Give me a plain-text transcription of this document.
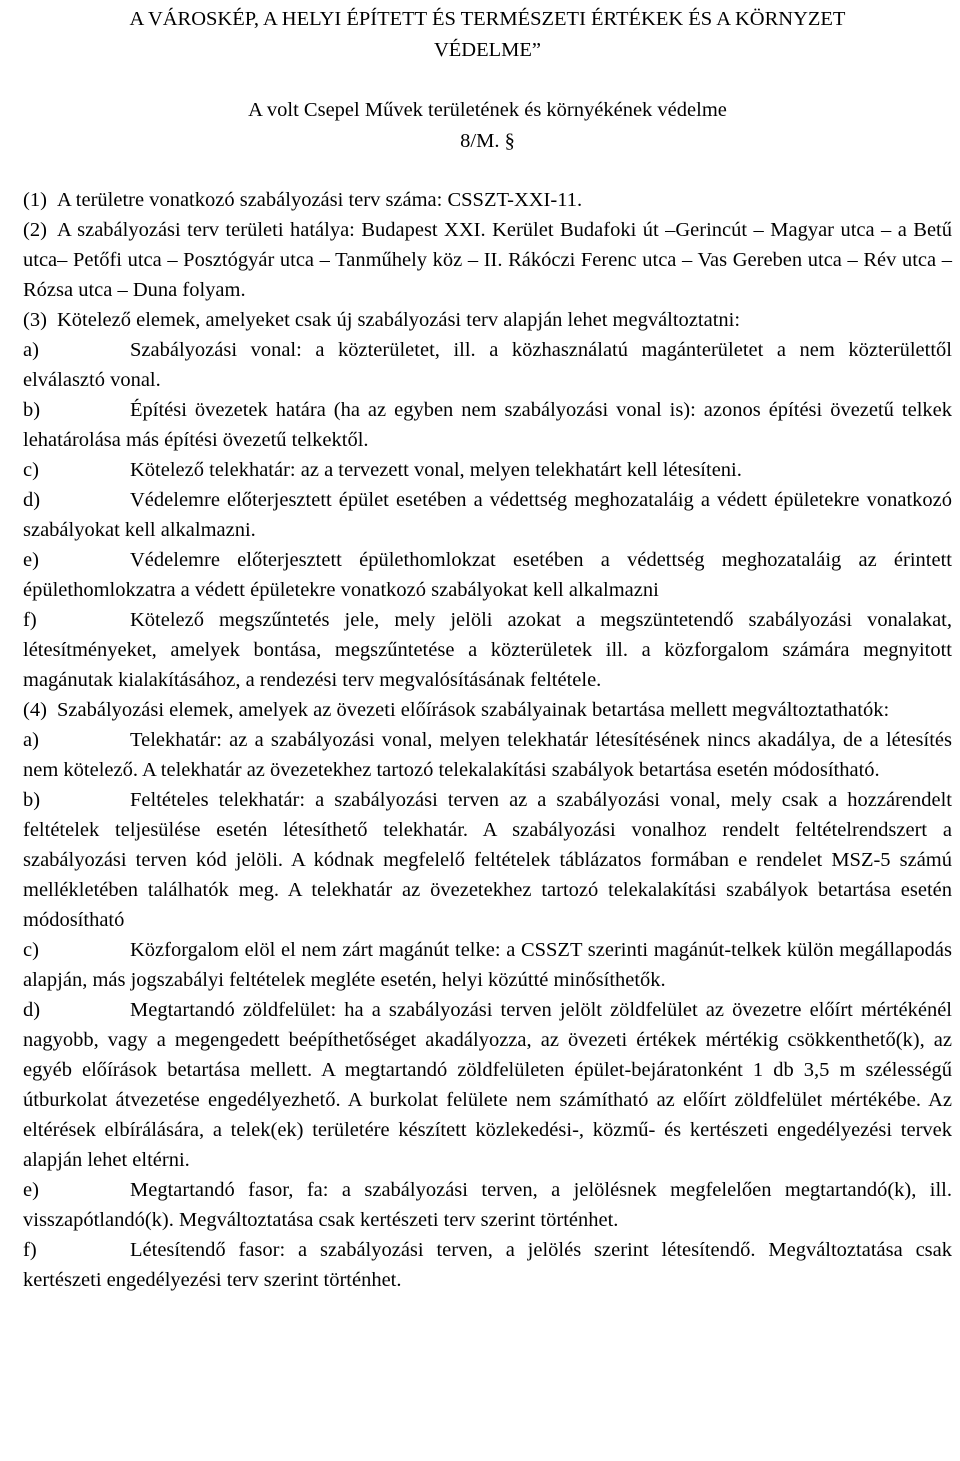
A VÁROSKÉP, A HELYI ÉPÍTETT ÉS TERMÉSZETI ÉRTÉKEK ÉS A KÖRNYZET
VÉDELME”
A volt Csepel Művek területének és környékének védelme
8/M. §

(1) A területre vonatkozó szabályozási terv száma: CSSZT-XXI-11.

(2) A szabályozási terv területi hatálya: Budapest XXI. Kerület Budafoki út –Gerincút – Magyar utca – a Betű utca– Petőfi utca – Posztógyár utca – Tanműhely köz – II. Rákóczi Ferenc utca – Vas Gereben utca – Rév utca – Rózsa utca – Duna folyam.

(3) Kötelező elemek, amelyeket csak új szabályozási terv alapján lehet megváltoztatni:

a)	Szabályozási vonal: a közterületet, ill. a közhasználatú magánterületet a nem közterülettől elválasztó vonal.

b)	Építési övezetek határa (ha az egyben nem szabályozási vonal is): azonos építési övezetű telkek lehatárolása más építési övezetű telkektől.

c)	Kötelező telekhatár: az a tervezett vonal, melyen telekhatárt kell létesíteni.

d)	Védelemre előterjesztett épület esetében a védettség meghozataláig a védett épületekre vonatkozó szabályokat kell alkalmazni.

e)	Védelemre előterjesztett épülethomlokzat esetében a védettség meghozataláig az érintett épülethomlokzatra a védett épületekre vonatkozó szabályokat kell alkalmazni

f)	Kötelező megszűntetés jele, mely jelöli azokat a megszüntetendő szabályozási vonalakat, létesítményeket, amelyek bontása, megszűntetése a közterületek ill. a közforgalom számára megnyitott magánutak kialakításához, a rendezési terv megvalósításának feltétele.

(4) Szabályozási elemek, amelyek az övezeti előírások szabályainak betartása mellett megváltoztathatók:

a)	Telekhatár: az a szabályozási vonal, melyen telekhatár létesítésének nincs akadálya, de a létesítés nem kötelező. A telekhatár az övezetekhez tartozó telekalakítási szabályok betartása esetén módosítható.

b)	Feltételes telekhatár: a szabályozási terven az a szabályozási vonal, mely csak a hozzárendelt feltételek teljesülése esetén létesíthető telekhatár. A szabályozási vonalhoz rendelt feltételrendszert a szabályozási terven kód jelöli. A kódnak megfelelő feltételek táblázatos formában e rendelet MSZ-5 számú mellékletében találhatók meg. A telekhatár az övezetekhez tartozó telekalakítási szabályok betartása esetén módosítható

c)	Közforgalom elöl el nem zárt magánút telke: a CSSZT szerinti magánút-telkek külön megállapodás alapján, más jogszabályi feltételek megléte esetén, helyi közútté minősíthetők.

d)	Megtartandó zöldfelület: ha a szabályozási terven jelölt zöldfelület az övezetre előírt mértékénél nagyobb, vagy a megengedett beépíthetőséget akadályozza, az övezeti értékek mértékig csökkenthető(k), az egyéb előírások betartása mellett. A megtartandó zöldfelületen épület-bejáratonként 1 db 3,5 m szélességű útburkolat átvezetése engedélyezhető. A burkolat felülete nem számítható az előírt zöldfelület mértékébe. Az eltérések elbírálására, a telek(ek) területére készített közlekedési-, közmű- és kertészeti engedélyezési tervek alapján lehet eltérni.

e)	Megtartandó fasor, fa: a szabályozási terven, a jelölésnek megfelelően megtartandó(k), ill. visszapótlandó(k). Megváltoztatása csak kertészeti terv szerint történhet.

f)	Létesítendő fasor: a szabályozási terven, a jelölés szerint létesítendő. Megváltoztatása csak kertészeti engedélyezési terv szerint történhet.
